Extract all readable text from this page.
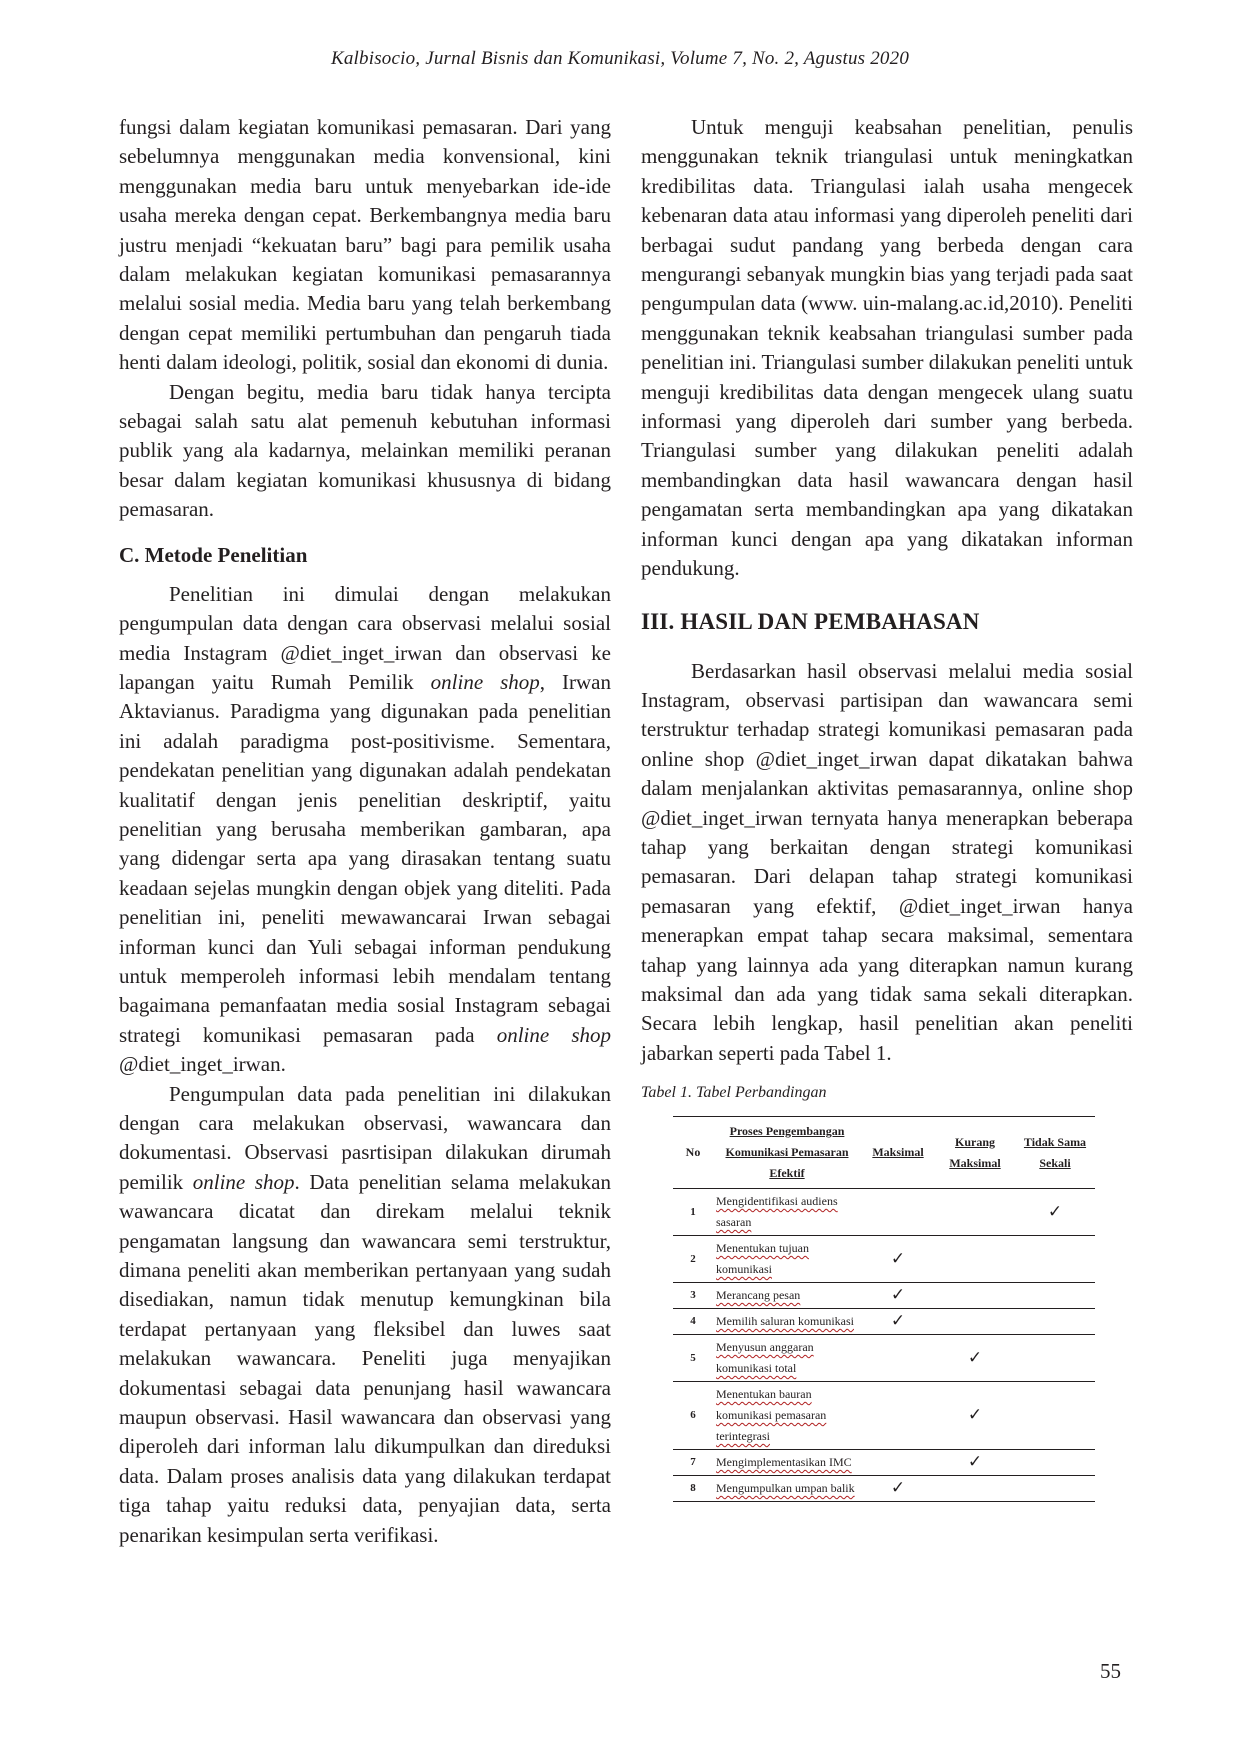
Kalbisocio, Jurnal Bisnis dan Komunikasi, Volume 7, No. 2, Agustus 2020

fungsi dalam kegiatan komunikasi pemasaran. Dari yang sebelumnya menggunakan media konvensional, kini menggunakan media baru untuk menyebarkan ide-ide usaha mereka dengan cepat. Berkembangnya media baru justru menjadi “kekuatan baru” bagi para pemilik usaha dalam melakukan kegiatan komunikasi pemasarannya melalui sosial media. Media baru yang telah berkembang dengan cepat memiliki pertumbuhan dan pengaruh tiada henti dalam ideologi, politik, sosial dan ekonomi di dunia.

Dengan begitu, media baru tidak hanya tercipta sebagai salah satu alat pemenuh kebutuhan informasi publik yang ala kadarnya, melainkan memiliki peranan besar dalam kegiatan komunikasi khususnya di bidang pemasaran.

C. Metode Penelitian

Penelitian ini dimulai dengan melakukan pengumpulan data dengan cara observasi melalui sosial media Instagram @diet_inget_irwan dan observasi ke lapangan yaitu Rumah Pemilik online shop, Irwan Aktavianus. Paradigma yang digunakan pada penelitian ini adalah paradigma post-positivisme. Sementara, pendekatan penelitian yang digunakan adalah pendekatan kualitatif dengan jenis penelitian deskriptif, yaitu penelitian yang berusaha memberikan gambaran, apa yang didengar serta apa yang dirasakan tentang suatu keadaan sejelas mungkin dengan objek yang diteliti. Pada penelitian ini, peneliti mewawancarai Irwan sebagai informan kunci dan Yuli sebagai informan pendukung untuk memperoleh informasi lebih mendalam tentang bagaimana pemanfaatan media sosial Instagram sebagai strategi komunikasi pemasaran pada online shop @diet_inget_irwan.

Pengumpulan data pada penelitian ini dilakukan dengan cara melakukan observasi, wawancara dan dokumentasi. Observasi pasrtisipan dilakukan dirumah pemilik online shop. Data penelitian selama melakukan wawancara dicatat dan direkam melalui teknik pengamatan langsung dan wawancara semi terstruktur, dimana peneliti akan memberikan pertanyaan yang sudah disediakan, namun tidak menutup kemungkinan bila terdapat pertanyaan yang fleksibel dan luwes saat melakukan wawancara. Peneliti juga menyajikan dokumentasi sebagai data penunjang hasil wawancara maupun observasi. Hasil wawancara dan observasi yang diperoleh dari informan lalu dikumpulkan dan direduksi data. Dalam proses analisis data yang dilakukan terdapat tiga tahap yaitu reduksi data, penyajian data, serta penarikan kesimpulan serta verifikasi.

Untuk menguji keabsahan penelitian, penulis menggunakan teknik triangulasi untuk meningkatkan kredibilitas data. Triangulasi ialah usaha mengecek kebenaran data atau informasi yang diperoleh peneliti dari berbagai sudut pandang yang berbeda dengan cara mengurangi sebanyak mungkin bias yang terjadi pada saat pengumpulan data (www. uin-malang.ac.id,2010). Peneliti menggunakan teknik keabsahan triangulasi sumber pada penelitian ini. Triangulasi sumber dilakukan peneliti untuk menguji kredibilitas data dengan mengecek ulang suatu informasi yang diperoleh dari sumber yang berbeda. Triangulasi sumber yang dilakukan peneliti adalah membandingkan data hasil wawancara dengan hasil pengamatan serta membandingkan apa yang dikatakan informan kunci dengan apa yang dikatakan informan pendukung.

III. HASIL DAN PEMBAHASAN

Berdasarkan hasil observasi melalui media sosial Instagram, observasi partisipan dan wawancara semi terstruktur terhadap strategi komunikasi pemasaran pada online shop @diet_inget_irwan dapat dikatakan bahwa dalam menjalankan aktivitas pemasarannya, online shop @diet_inget_irwan ternyata hanya menerapkan beberapa tahap yang berkaitan dengan strategi komunikasi pemasaran. Dari delapan tahap strategi komunikasi pemasaran yang efektif, @diet_inget_irwan hanya menerapkan empat tahap secara maksimal, sementara tahap yang lainnya ada yang diterapkan namun kurang maksimal dan ada yang tidak sama sekali diterapkan. Secara lebih lengkap, hasil penelitian akan peneliti jabarkan seperti pada Tabel 1.

Tabel 1. Tabel Perbandingan
No	Proses Pengembangan Komunikasi Pemasaran Efektif	Maksimal	Kurang Maksimal	Tidak Sama Sekali
1	Mengidentifikasi audiens sasaran			✓
2	Menentukan tujuan komunikasi	✓		
3	Merancang pesan	✓		
4	Memilih saluran komunikasi	✓		
5	Menyusun anggaran komunikasi total		✓	
6	Menentukan bauran komunikasi pemasaran terintegrasi		✓	
7	Mengimplementasikan IMC		✓	
8	Mengumpulkan umpan balik	✓		
55
